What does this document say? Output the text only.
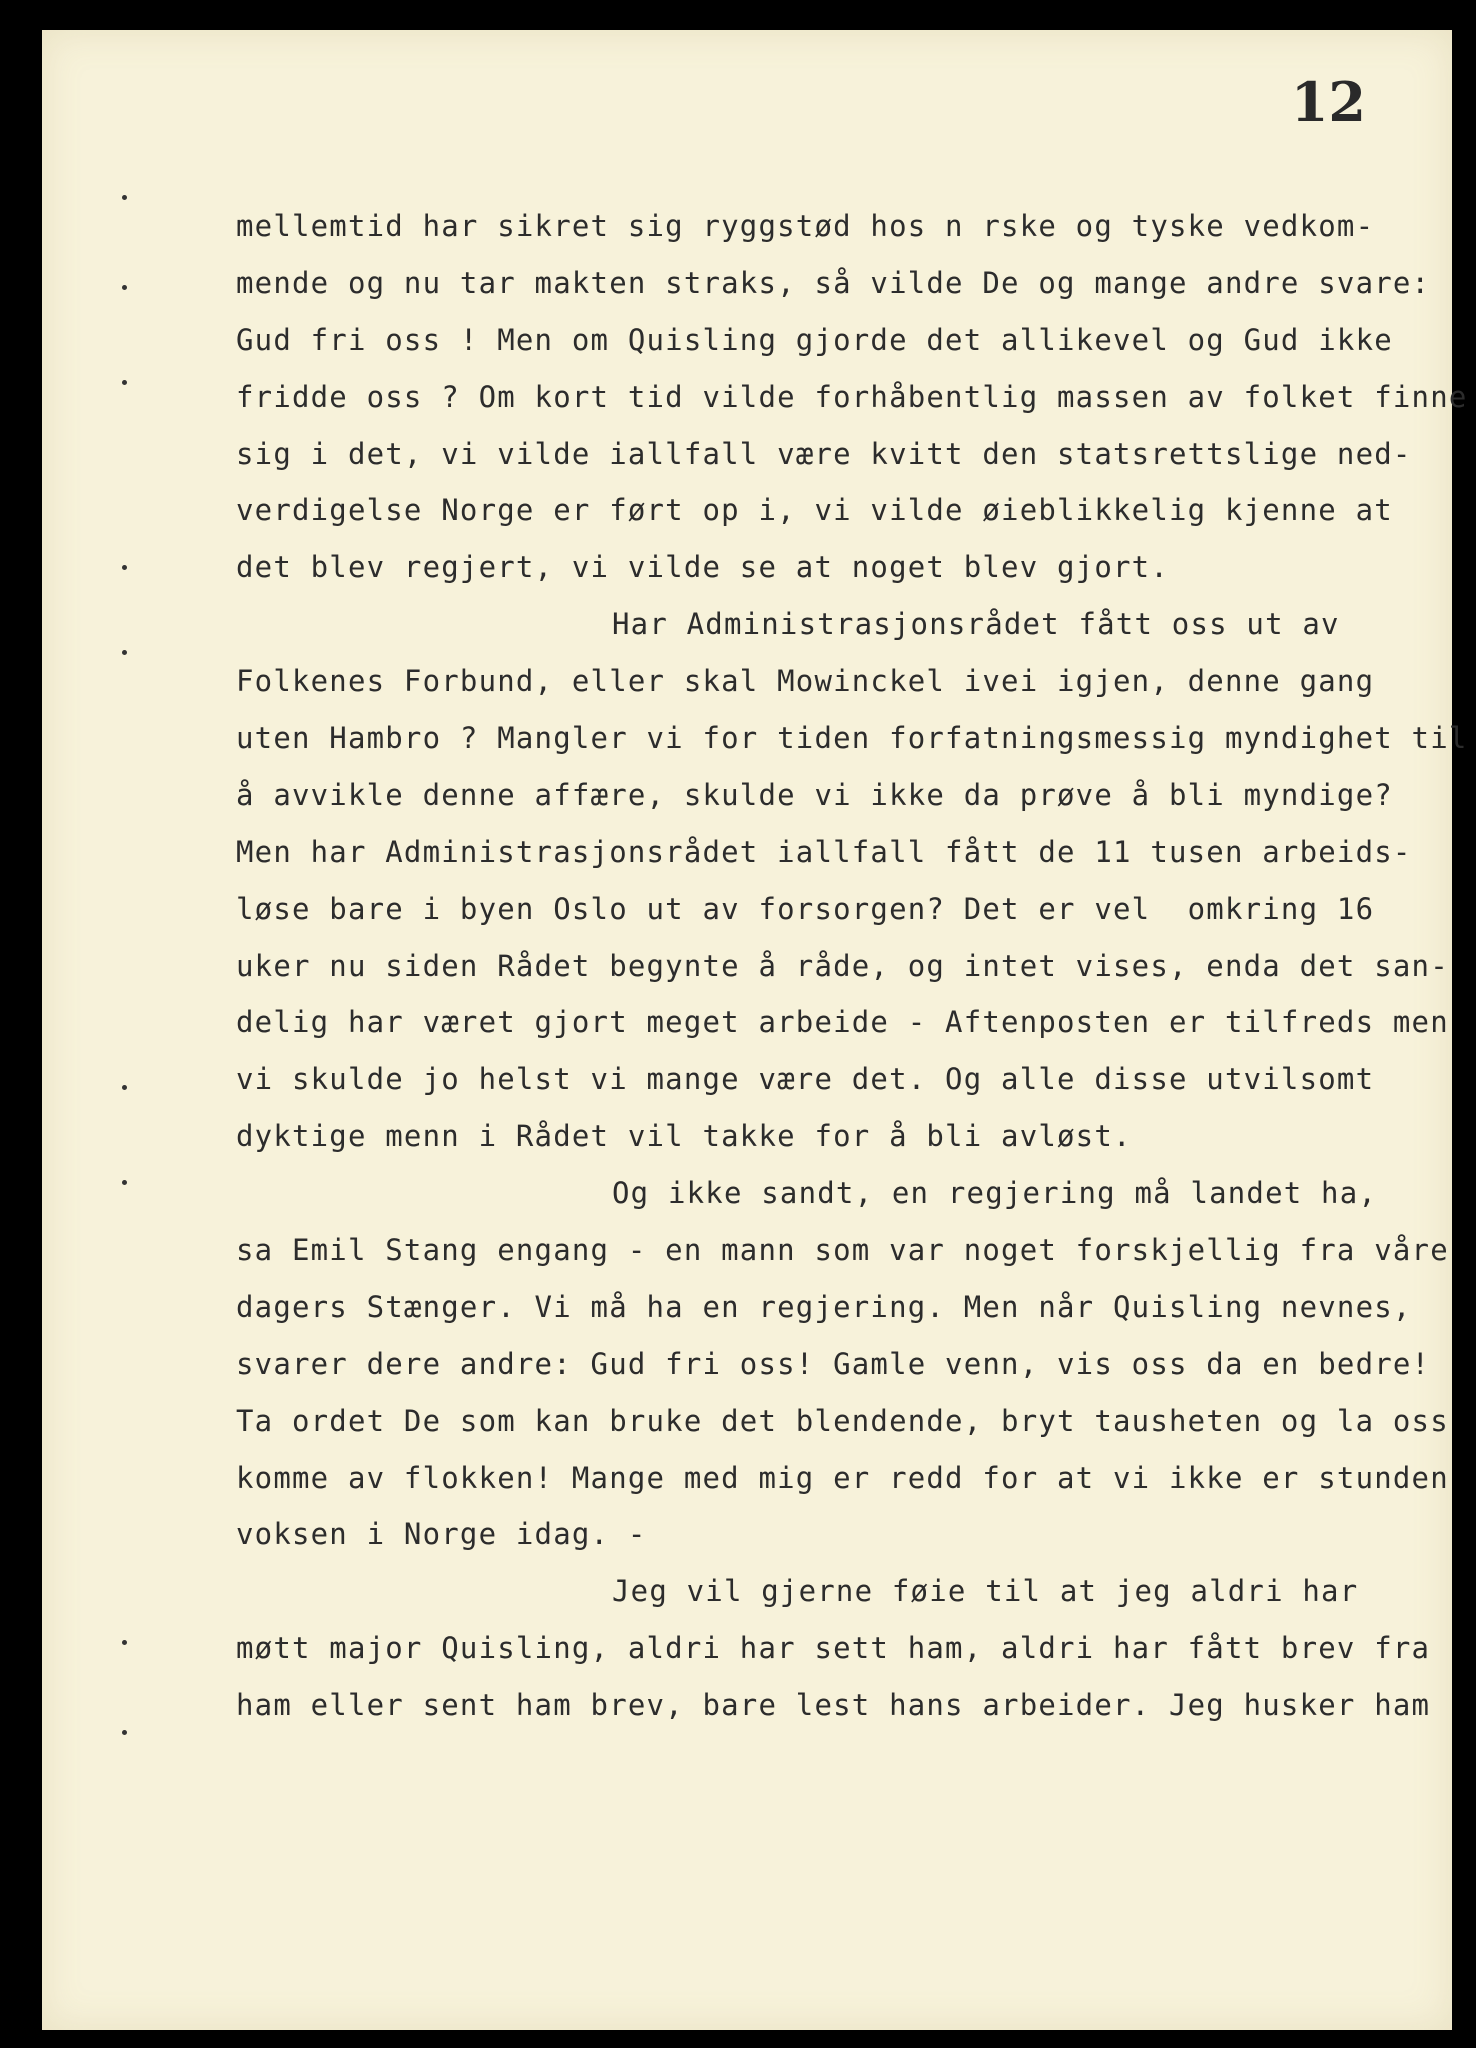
12
mellemtid har sikret sig ryggstød hos n rske og tyske vedkom-
mende og nu tar makten straks, så vilde De og mange andre svare:
Gud fri oss ! Men om Quisling gjorde det allikevel og Gud ikke
fridde oss ? Om kort tid vilde forhåbentlig massen av folket finne
sig i det, vi vilde iallfall være kvitt den statsrettslige ned-
verdigelse Norge er ført op i, vi vilde øieblikkelig kjenne at
det blev regjert, vi vilde se at noget blev gjort.
Har Administrasjonsrådet fått oss ut av
Folkenes Forbund, eller skal Mowinckel ivei igjen, denne gang
uten Hambro ? Mangler vi for tiden forfatningsmessig myndighet til
å avvikle denne affære, skulde vi ikke da prøve å bli myndige?
Men har Administrasjonsrådet iallfall fått de 11 tusen arbeids-
løse bare i byen Oslo ut av forsorgen? Det er vel  omkring 16
uker nu siden Rådet begynte å råde, og intet vises, enda det san-
delig har været gjort meget arbeide - Aftenposten er tilfreds men
vi skulde jo helst vi mange være det. Og alle disse utvilsomt
dyktige menn i Rådet vil takke for å bli avløst.
Og ikke sandt, en regjering må landet ha,
sa Emil Stang engang - en mann som var noget forskjellig fra våre
dagers Stænger. Vi må ha en regjering. Men når Quisling nevnes,
svarer dere andre: Gud fri oss! Gamle venn, vis oss da en bedre!
Ta ordet De som kan bruke det blendende, bryt tausheten og la oss
komme av flokken! Mange med mig er redd for at vi ikke er stunden
voksen i Norge idag. -
Jeg vil gjerne føie til at jeg aldri har
møtt major Quisling, aldri har sett ham, aldri har fått brev fra
ham eller sent ham brev, bare lest hans arbeider. Jeg husker ham
